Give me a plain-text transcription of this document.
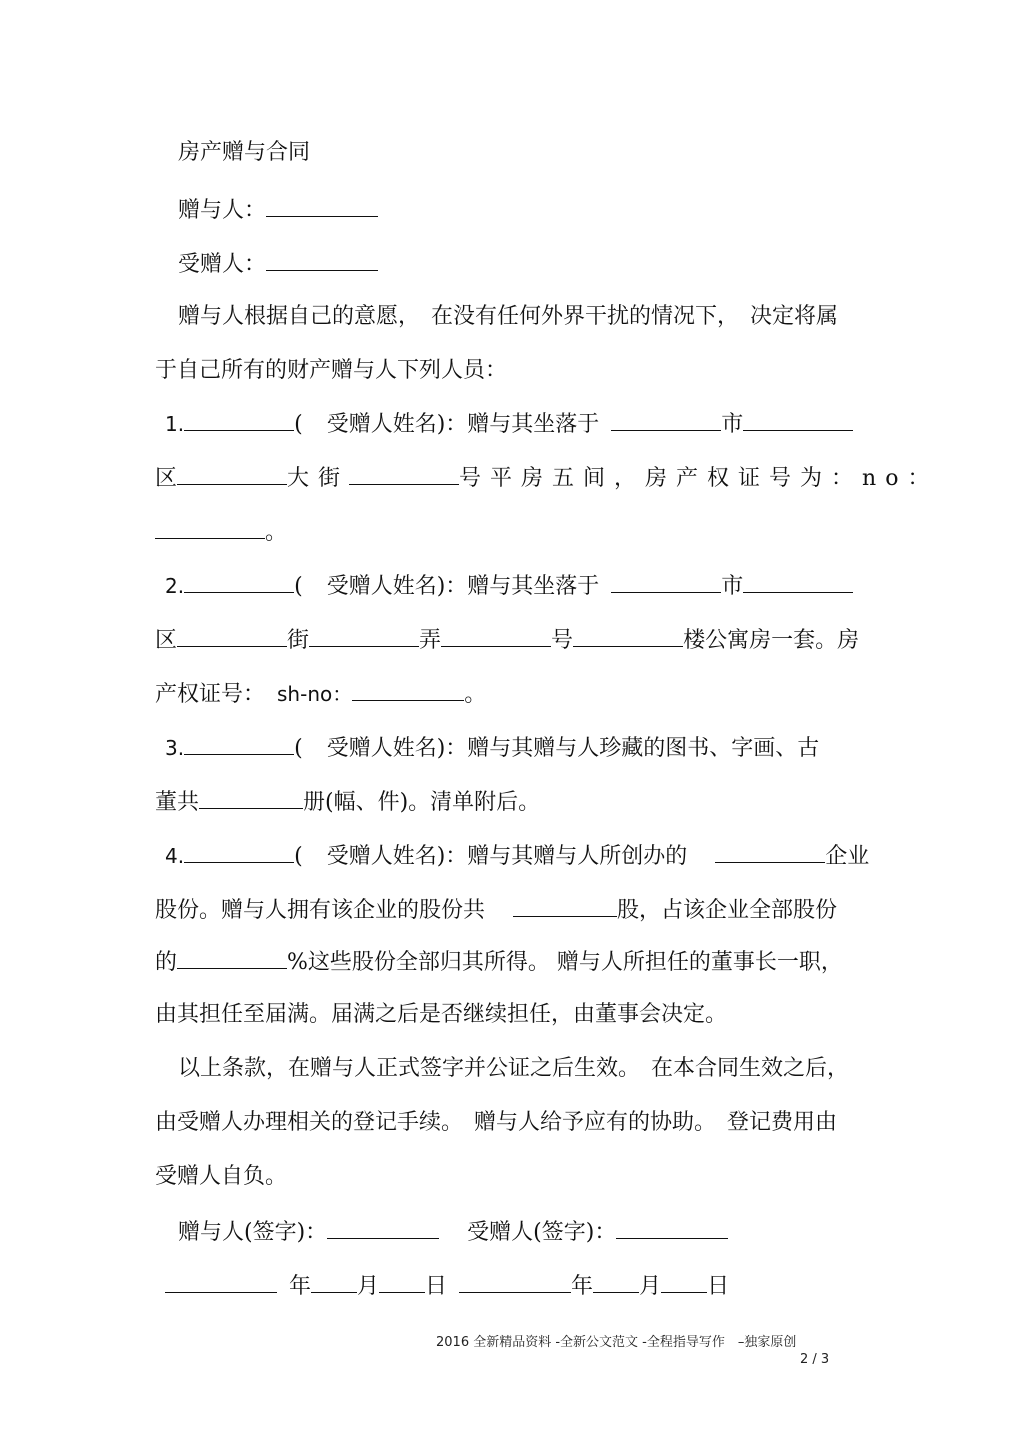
房产赠与合同
赠与人：
受赠人：
赠与人根据自己的意愿，　在没有任何外界干扰的情况下，　决定将属
于自己所有的财产赠与人下列人员：
1.	( 受赠人姓名)：赠与其坐落于	市
区	大街	号平房五间，房产权证号为：no：
。
2.	( 受赠人姓名)：赠与其坐落于	市
区	街	弄	号	楼公寓房一套。房
产权证号： sh-no：	。
3.	( 受赠人姓名)：赠与其赠与人珍藏的图书、字画、古
董共	册(幅、件)。清单附后。
4.	( 受赠人姓名)：赠与其赠与人所创办的	企业
股份。赠与人拥有该企业的股份共	股，占该企业全部股份
的	%这些股份全部归其所得。 赠与人所担任的董事长一职，
由其担任至届满。届满之后是否继续担任，由董事会决定。
以上条款，在赠与人正式签字并公证之后生效。　在本合同生效之后，
由受赠人办理相关的登记手续。　赠与人给予应有的协助。　登记费用由
受赠人自负。
赠与人(签字)：	受赠人(签字)：
年 月 日	年 月 日
2016 全新精品资料 -全新公文范文 -全程指导写作　–独家原创
2 / 3
